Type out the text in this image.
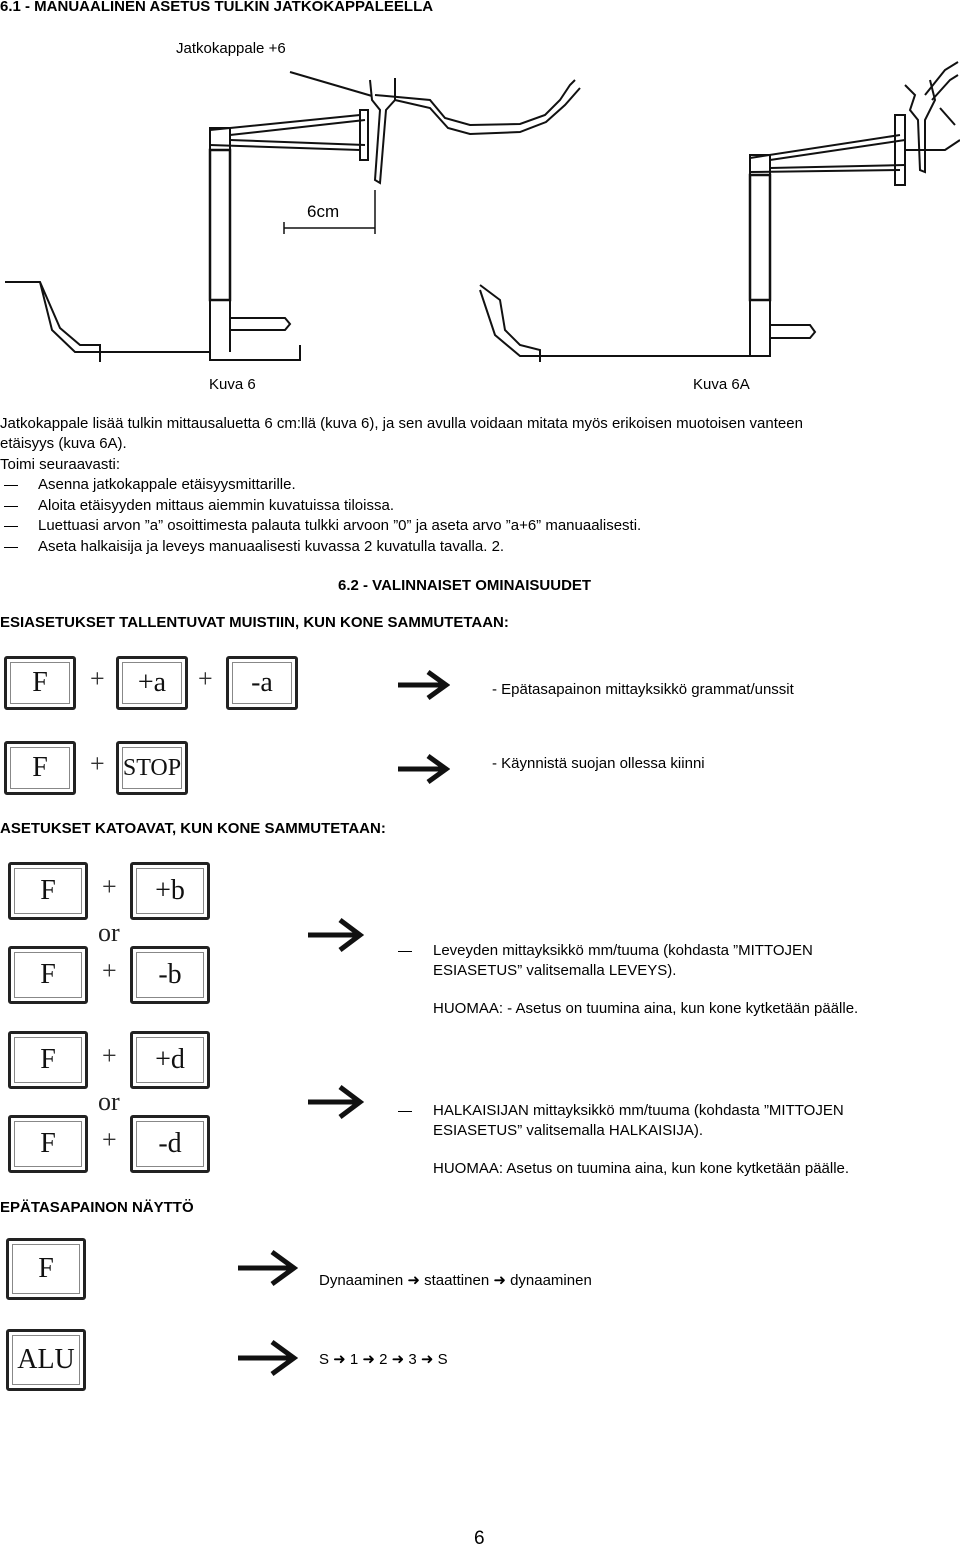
6.1 - MANUAALINEN ASETUS TULKIN JATKOKAPPALEELLA
Jatkokappale +6
6cm
Kuva 6	Kuva 6A
Jatkokappale lisää tulkin mittausaluetta 6 cm:llä (kuva 6), ja sen avulla voidaan mitata myös erikoisen muotoisen vanteen
etäisyys (kuva 6A).
Toimi seuraavasti:
Asenna jatkokappale etäisyysmittarille.
Aloita etäisyyden mittaus aiemmin kuvatuissa tiloissa.
Luettuasi arvon ”a” osoittimesta palauta tulkki arvoon ”0” ja aseta arvo ”a+6” manuaalisesti.
Aseta halkaisija ja leveys manuaalisesti kuvassa 2 kuvatulla tavalla. 2.
6.2 - VALINNAISET OMINAISUUDET
ESIASETUKSET TALLENTUVAT MUISTIIN, KUN KONE SAMMUTETAAN:
F	+	+a	+	-a	- Epätasapainon mittayksikkö grammat/unssit
F	+ STOP	- Käynnistä suojan ollessa kiinni
ASETUKSET KATOAVAT, KUN KONE SAMMUTETAAN:
F	+	+b
or
F	+	-b
Leveyden mittayksikkö mm/tuuma (kohdasta ”MITTOJEN
ESIASETUS” valitsemalla LEVEYS).
HUOMAA: - Asetus on tuumina aina, kun kone kytketään päälle.
F	+	+d
or
F	+	-d
HALKAISIJAN mittayksikkö mm/tuuma (kohdasta ”MITTOJEN
ESIASETUS” valitsemalla HALKAISIJA).
HUOMAA: Asetus on tuumina aina, kun kone kytketään päälle.
EPÄTASAPAINON NÄYTTÖ
F	Dynaaminen ➜ staattinen ➜ dynaaminen
ALU	S ➜ 1 ➜ 2 ➜ 3 ➜ S
6
